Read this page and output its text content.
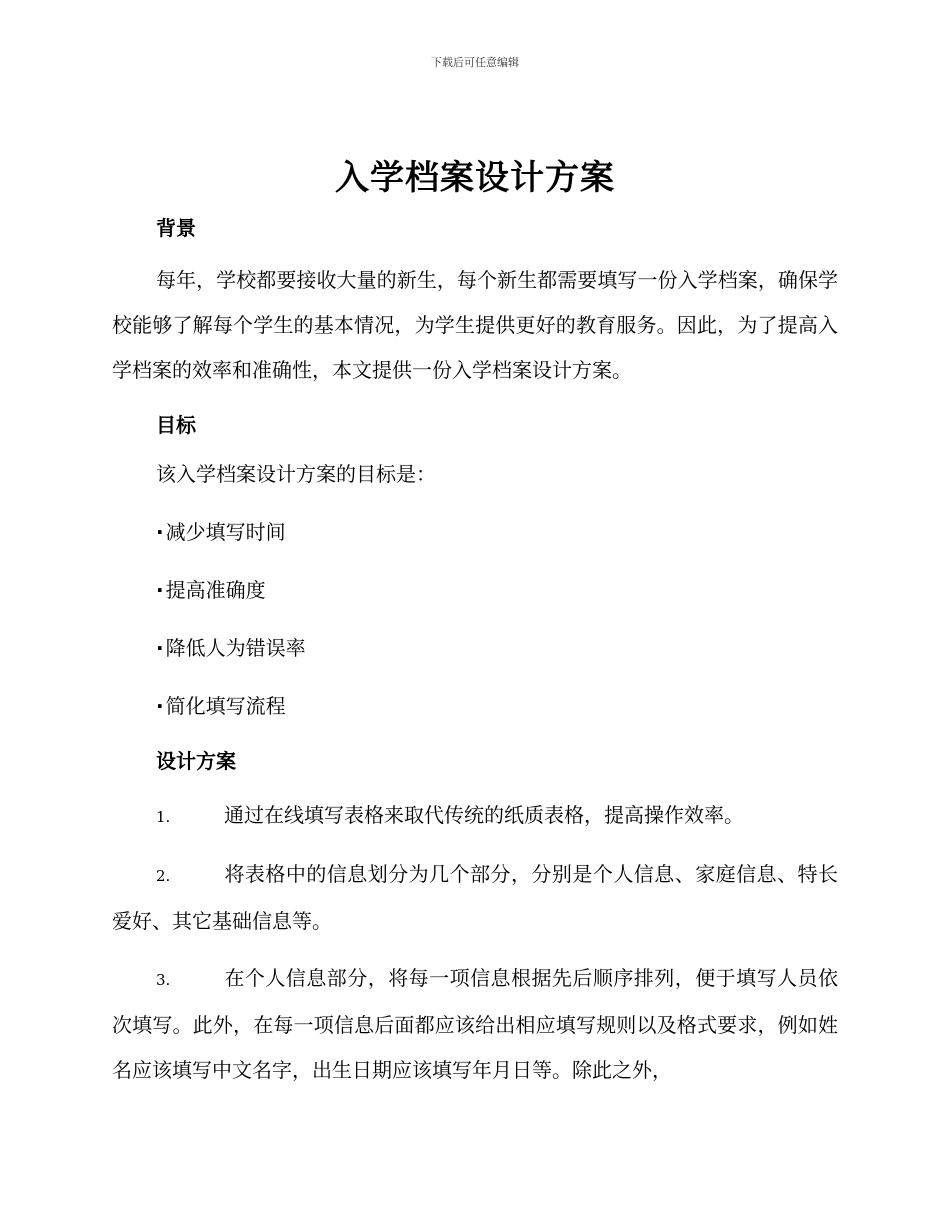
下载后可任意编辑
入学档案设计方案
背景
每年，学校都要接收大量的新生，每个新生都需要填写一份入学档案，确保学校能够了解每个学生的基本情况，为学生提供更好的教育服务。因此，为了提高入学档案的效率和准确性，本文提供一份入学档案设计方案。
目标
该入学档案设计方案的目标是：
· 减少填写时间
· 提高准确度
· 降低人为错误率
· 简化填写流程
设计方案
1.	通过在线填写表格来取代传统的纸质表格，提高操作效率。
2.	将表格中的信息划分为几个部分，分别是个人信息、家庭信息、特长爱好、其它基础信息等。
3.	在个人信息部分，将每一项信息根据先后顺序排列，便于填写人员依次填写。此外，在每一项信息后面都应该给出相应填写规则以及格式要求，例如姓名应该填写中文名字，出生日期应该填写年月日等。除此之外，
